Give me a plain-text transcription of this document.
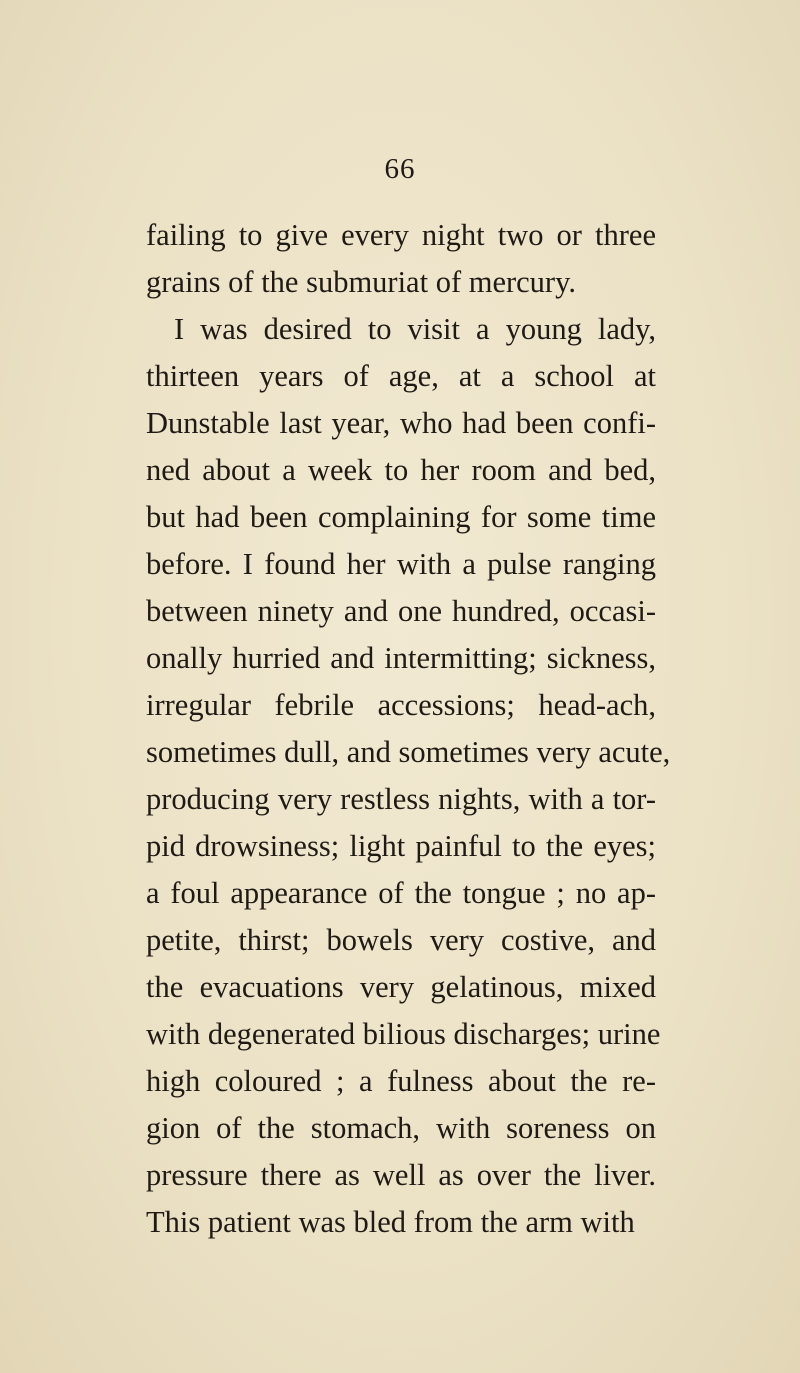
66
failing to give every night two or three
grains of the submuriat of mercury.
I was desired to visit a young lady,
thirteen years of age, at a school at
Dunstable last year, who had been confi-
ned about a week to her room and bed,
but had been complaining for some time
before. I found her with a pulse ranging
between ninety and one hundred, occasi-
onally hurried and intermitting; sickness,
irregular febrile accessions; head-ach,
sometimes dull, and sometimes very acute,
producing very restless nights, with a tor-
pid drowsiness; light painful to the eyes;
a foul appearance of the tongue ; no ap-
petite, thirst; bowels very costive, and
the evacuations very gelatinous, mixed
with degenerated bilious discharges; urine
high coloured ; a fulness about the re-
gion of the stomach, with soreness on
pressure there as well as over the liver.
This patient was bled from the arm with
